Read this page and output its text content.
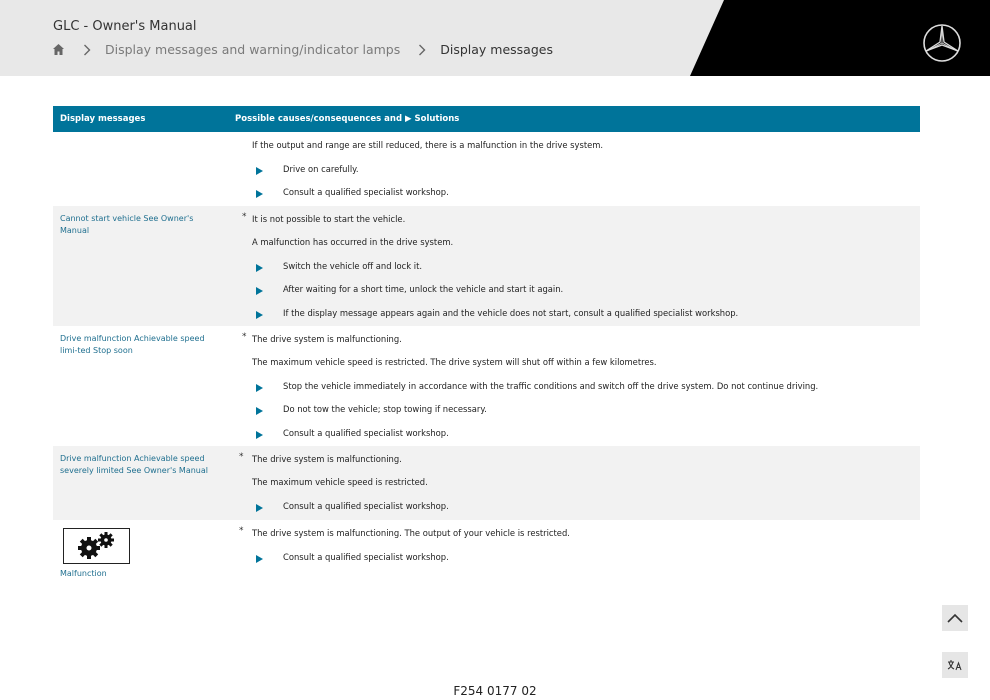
GLC - Owner's Manual
Display messages and warning/indicator lamps	Display messages
Display messages	Possible causes/consequences and ▶ Solutions
If the output and range are still reduced, there is a malfunction in the drive system.
Drive on carefully.
Consult a qualified specialist workshop.
Cannot start vehicle See Owner's Manual
* It is not possible to start the vehicle.
A malfunction has occurred in the drive system.
Switch the vehicle off and lock it.
After waiting for a short time, unlock the vehicle and start it again.
If the display message appears again and the vehicle does not start, consult a qualified specialist workshop.
Drive malfunction Achievable speed limi-ted Stop soon
* The drive system is malfunctioning.
The maximum vehicle speed is restricted. The drive system will shut off within a few kilometres.
Stop the vehicle immediately in accordance with the traffic conditions and switch off the drive system. Do not continue driving.
Do not tow the vehicle; stop towing if necessary.
Consult a qualified specialist workshop.
Drive malfunction Achievable speed severely limited See Owner's Manual
* The drive system is malfunctioning.
The maximum vehicle speed is restricted.
Consult a qualified specialist workshop.
Malfunction
* The drive system is malfunctioning. The output of your vehicle is restricted.
Consult a qualified specialist workshop.
F254 0177 02
